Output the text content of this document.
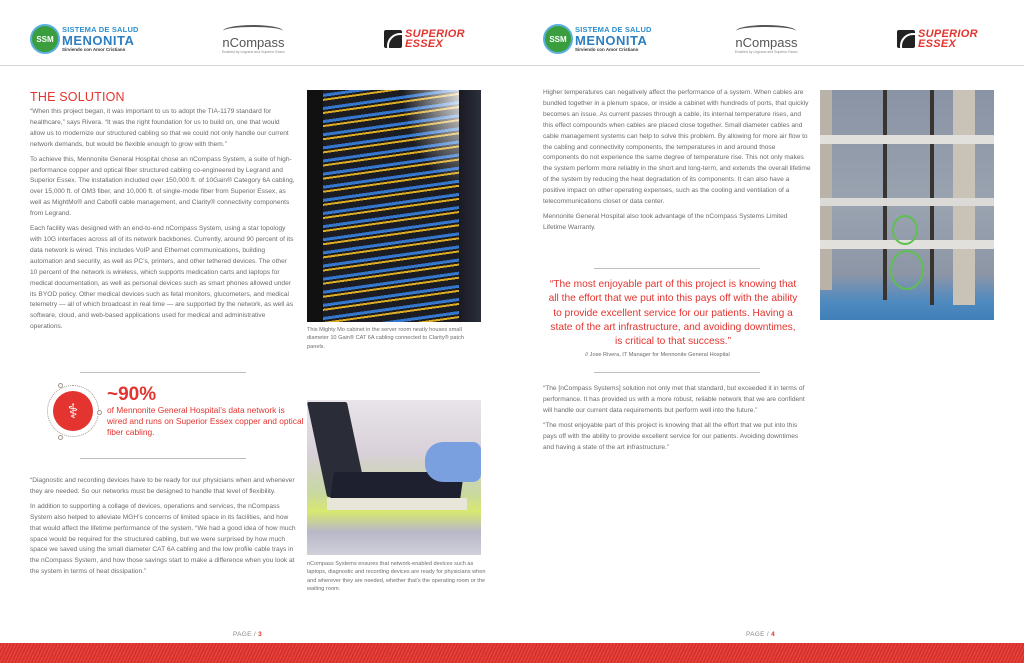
SSM
SISTEMA DE SALUD
MENONITA
Sirviendo con Amor Cristiano	nCompass
Enabled by Legrand and Superior Essex
SUPERIOR
ESSEX	SSM
SISTEMA DE SALUD
MENONITA
Sirviendo con Amor Cristiano	nCompass
Enabled by Legrand and Superior Essex
SUPERIOR
ESSEX
THE SOLUTION

“When this project began, it was important to us to adopt the TIA-1179 standard for healthcare,” says Rivera. “It was the right foundation for us to build on, one that would allow us to modernize our structured cabling so that we could not only handle our current network demands, but would be flexible enough to grow with them.”

To achieve this, Mennonite General Hospital chose an nCompass System, a suite of high-performance copper and optical fiber structured cabling co-engineered by Legrand and Superior Essex. The installation included over 150,000 ft. of 10Gain® Category 6A cabling, over 15,000 ft. of OM3 fiber, and 10,000 ft. of single-mode fiber from Superior Essex, as well as MightMo® and Cabofil cable management, and Clarity® connectivity components from Legrand.

Each facility was designed with an end-to-end nCompass System, using a star topology with 10G interfaces across all of its network backbones. Currently, around 90 percent of its data network is wired. This includes VoIP and Ethernet communications, building automation and security, as well as PC’s, printers, and other tethered devices. The other 10 percent of the network is wireless, which supports medication carts and laptops for medical documentation, as well as personal devices such as smart phones allowed under its BYOD policy. Other medical devices such as fetal monitors, glucometers, and medical telemetry — all of which broadcast in real time — are supported by the network, as well as software, cloud, and web-based applications used for medical and administrative operations.	This Mighty Mo cabinet in the server room neatly houses small diameter 10 Gain® CAT 6A cabling connected to Clarity® patch panels.
⚕
~90%
of Mennonite General Hospital’s data network is wired and runs on Superior Essex copper and optical fiber cabling.

“Diagnostic and recording devices have to be ready for our physicians when and whenever they are needed. So our networks must be designed to handle that level of flexibility.

In addition to supporting a collage of devices, operations and services, the nCompass System also helped to alleviate MGH’s concerns of limited space in its facilities, and how that would affect the lifetime performance of the system. “We had a good idea of how much space would be required for the structured cabling, but we were surprised by how much space we saved using the small diameter CAT 6A cabling and the low profile cable trays in the nCompass System, and how those savings start to make a difference when you look at the system in terms of heat dissipation.”

nCompass Systems ensures that network-enabled devices such as laptops, diagnostic and recording devices are ready for physicians when and wherever they are needed, whether that’s the operating room or the waiting room.
PAGE / 3

Higher temperatures can negatively affect the performance of a system. When cables are bundled together in a plenum space, or inside a cabinet with hundreds of ports, that quickly becomes an issue. As current passes through a cable, its internal temperature rises, and this effect compounds when cables are placed close together. Small diameter cables and cable management systems can help to solve this problem. By allowing for more air flow to the cabling and connectivity components, the temperatures in and around those components do not experience the same degree of temperature rise. This not only makes the system perform more reliably in the short and long-term, and extends the overall lifetime of the system by reducing the heat degradation of its components. It can also have a positive impact on other operating expenses, such as the cooling and ventilation of a telecommunications closet or data center.

Mennonite General Hospital also took advantage of the nCompass Systems Limited Lifetime Warranty.

“The most enjoyable part of this project is knowing that all the effort that we put into this pays off with the ability to provide excellent service for our patients. Having a state of the art infrastructure, and avoiding downtimes, is critical to that success.”
// Jose Rivera, IT Manager for Mennonite General Hospital

“The [nCompass Systems] solution not only met that standard, but exceeded it in terms of performance. It has provided us with a more robust, reliable network that we are confident will handle our current data requirements but perform well into the future.”

“The most enjoyable part of this project is knowing that all the effort that we put into this pays off with the ability to provide excellent service for our patients. Avoiding downtimes and having a state of the art infrastructure.”

PAGE / 4
